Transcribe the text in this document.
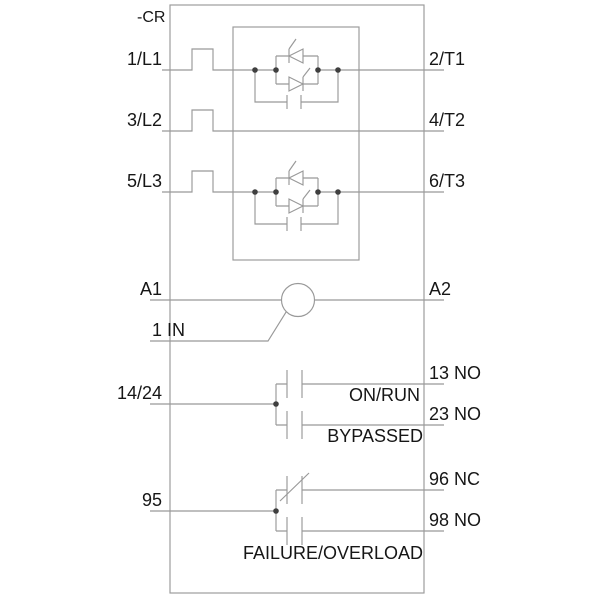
-CR
1/L1
3/L2
5/L3
2/T1
4/T2
6/T3
A1	A2
1 IN
14/24
13 NO
ON/RUN
23 NO
BYPASSED
95
96 NC
98 NO
FAILURE/OVERLOAD
